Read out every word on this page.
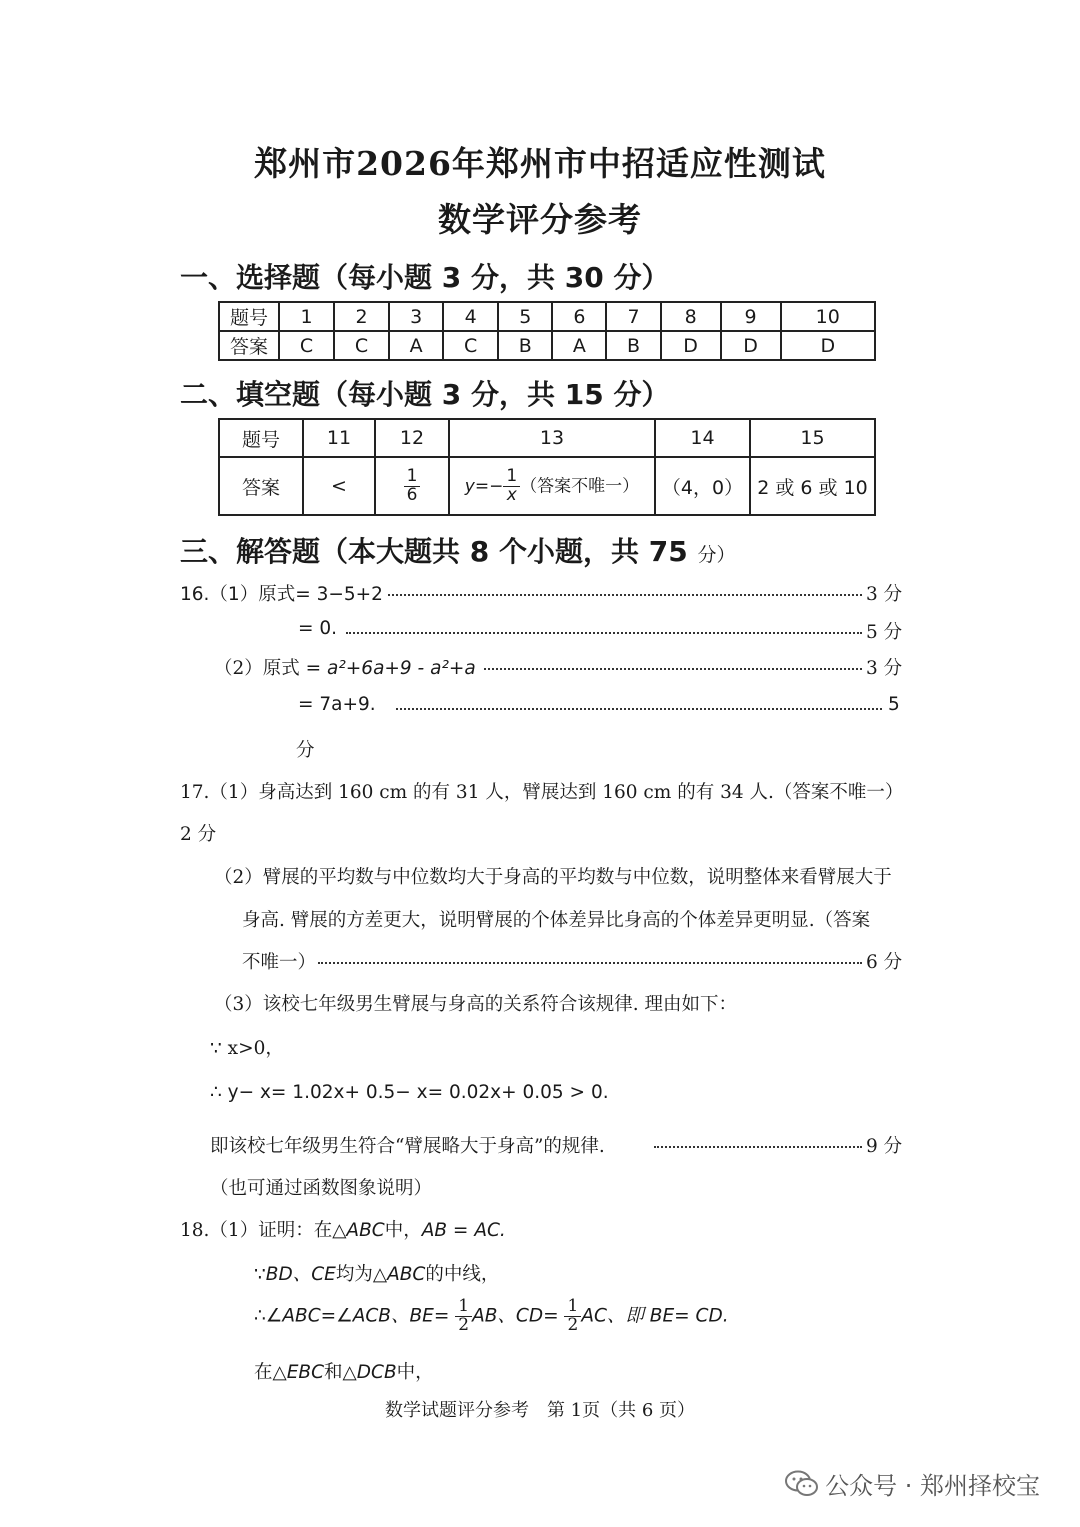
郑州市2026年郑州市中招适应性测试
数学评分参考
一、选择题（每小题 3 分，共 30 分）
题号	1	2	3	4	5	6	7	8	9	10
答案	C	C	A	C	B	A	B	D	D	D
二、填空题（每小题 3 分，共 15 分）
题号	11	12	13	14	15
答案	<	$\frac{1}{6}$	$y=- \frac{1}{x}$ （答案不唯一）	（4，0）	2 或 6 或 10
三、解答题（本大题共 8 个小题，共 75 分）
16.（1）原式= 3−5+2	3 分
= 0.	5 分
（2）原式 = a²+6a+9 - a²+a	3 分
= 7a+9.	5
分
17.（1）身高达到 160 cm 的有 31 人，臂展达到 160 cm 的有 34 人.（答案不唯一）
2 分
（2）臂展的平均数与中位数均大于身高的平均数与中位数，说明整体来看臂展大于
身高. 臂展的方差更大，说明臂展的个体差异比身高的个体差异更明显.（答案
不唯一）	6 分
（3）该校七年级男生臂展与身高的关系符合该规律. 理由如下：
∵ x>0，
∴ y− x= 1.02x+ 0.5− x= 0.02x+ 0.05 > 0.
即该校七年级男生符合“臂展略大于身高”的规律.	9 分
（也可通过函数图象说明）
18.（1）证明：在△ABC中，AB = AC.
∵BD、CE均为△ABC的中线，
∴∠ABC=∠ACB、$BE= \frac{1}{2}$ AB、$CD= \frac{1}{2}$ AC、即 BE= CD.
在△EBC和△DCB中，
数学试题评分参考　第 1页（共 6 页）
公众号 · 郑州择校宝
